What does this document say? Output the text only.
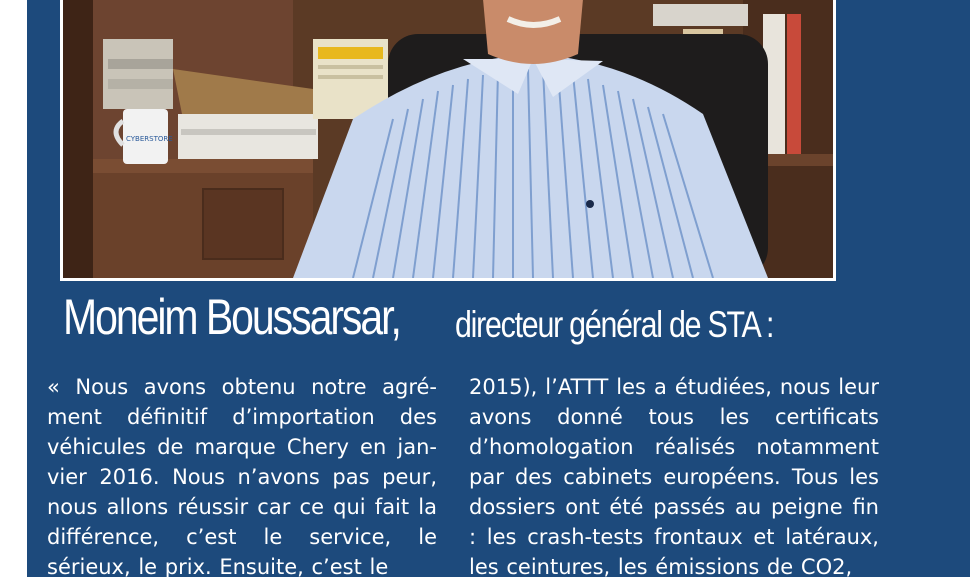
CYBERSTORE
Moneim Boussarsar, directeur général de STA :

« Nous avons obtenu notre agré-ment définitif d’importation des véhicules de marque Chery en jan-vier 2016. Nous n’avons pas peur, nous allons réussir car ce qui fait la différence, c’est le service, le sérieux, le prix. Ensuite, c’est le

2015), l’ATTT les a étudiées, nous leur avons donné tous les certificats d’homologation réalisés notamment par des cabinets européens. Tous les dossiers ont été passés au peigne fin : les crash-tests frontaux et latéraux, les ceintures, les émissions de CO2,
